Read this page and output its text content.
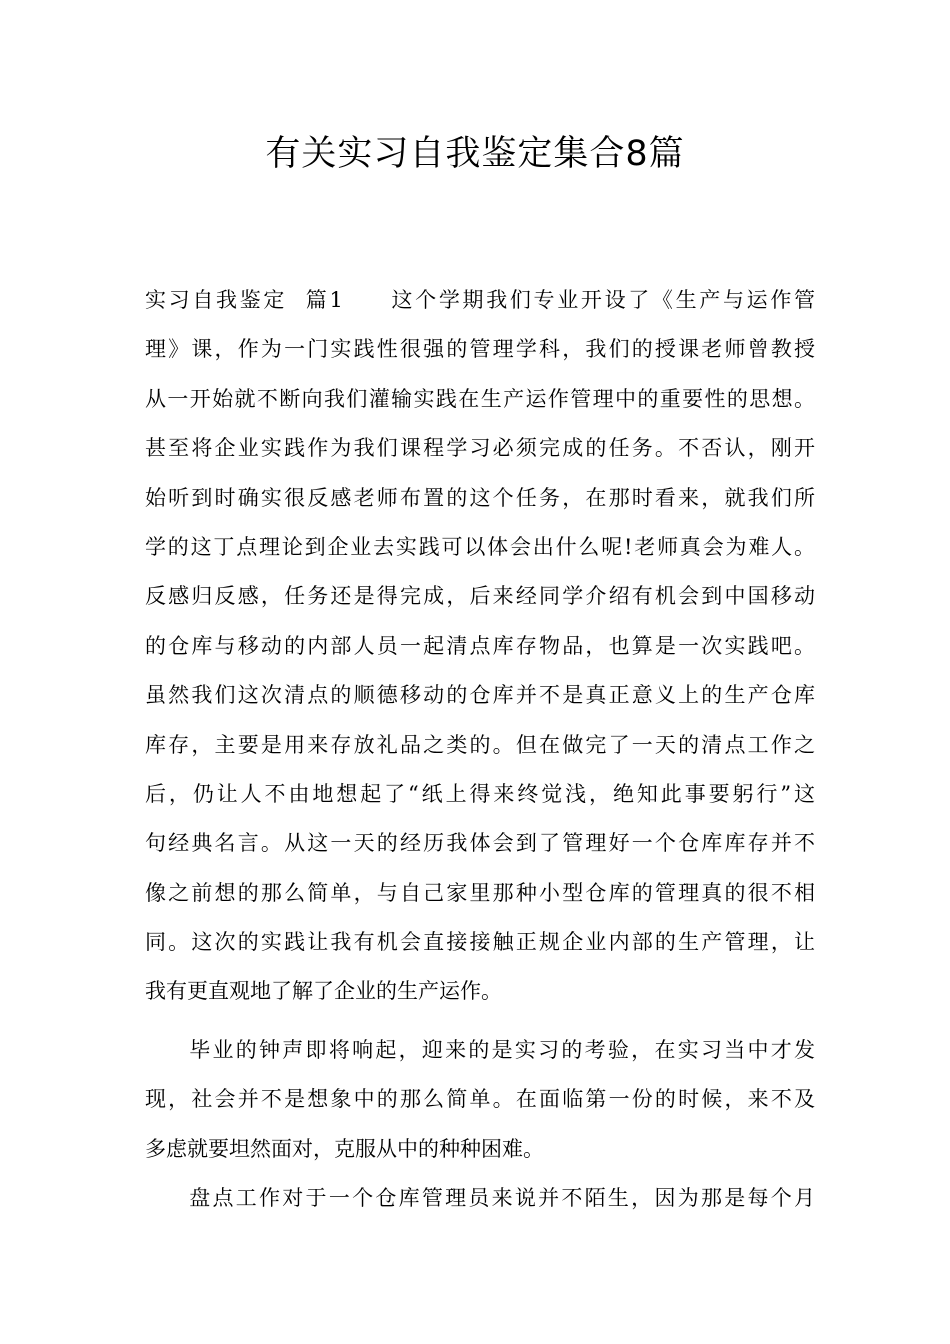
有关实习自我鉴定集合8篇
实习自我鉴定  篇1 这个学期我们专业开设了《生产与运作管
理》课，作为一门实践性很强的管理学科，我们的授课老师曾教授
从一开始就不断向我们灌输实践在生产运作管理中的重要性的思想。
甚至将企业实践作为我们课程学习必须完成的任务。不否认，刚开
始听到时确实很反感老师布置的这个任务，在那时看来，就我们所
学的这丁点理论到企业去实践可以体会出什么呢!老师真会为难人。
反感归反感，任务还是得完成，后来经同学介绍有机会到中国移动
的仓库与移动的内部人员一起清点库存物品，也算是一次实践吧。
虽然我们这次清点的顺德移动的仓库并不是真正意义上的生产仓库
库存，主要是用来存放礼品之类的。但在做完了一天的清点工作之
后，仍让人不由地想起了“纸上得来终觉浅，绝知此事要躬行”这
句经典名言。从这一天的经历我体会到了管理好一个仓库库存并不
像之前想的那么简单，与自己家里那种小型仓库的管理真的很不相
同。这次的实践让我有机会直接接触正规企业内部的生产管理，让
我有更直观地了解了企业的生产运作。
毕业的钟声即将响起，迎来的是实习的考验，在实习当中才发
现，社会并不是想象中的那么简单。在面临第一份的时候，来不及
多虑就要坦然面对，克服从中的种种困难。
盘点工作对于一个仓库管理员来说并不陌生，因为那是每个月
